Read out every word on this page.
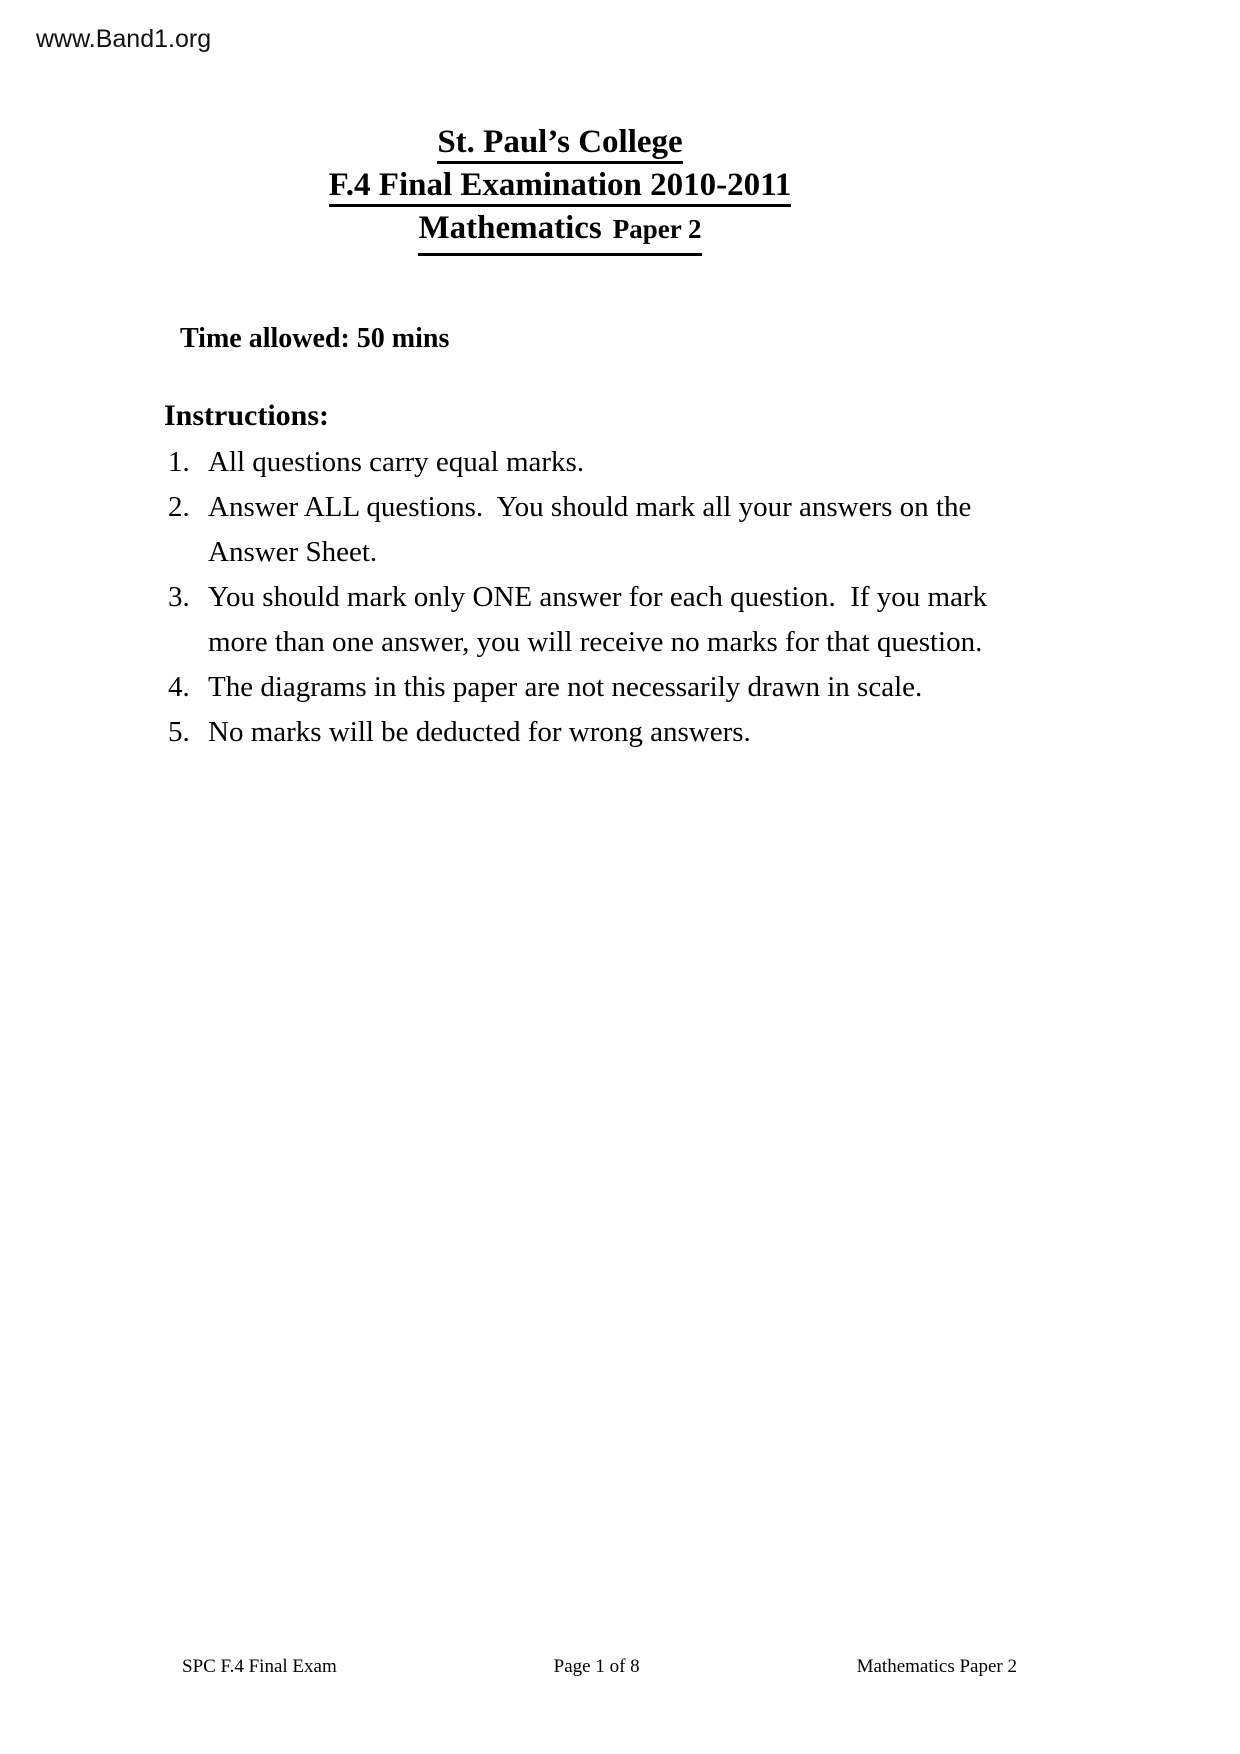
www.Band1.org
St. Paul’s College
F.4 Final Examination 2010-2011
Mathematics Paper 2
Time allowed: 50 mins
Instructions:
1. All questions carry equal marks.
2. Answer ALL questions.  You should mark all your answers on the
Answer Sheet.
3. You should mark only ONE answer for each question.  If you mark
more than one answer, you will receive no marks for that question.
4. The diagrams in this paper are not necessarily drawn in scale.
5. No marks will be deducted for wrong answers.
SPC F.4 Final Exam	Page 1 of 8	Mathematics Paper 2
